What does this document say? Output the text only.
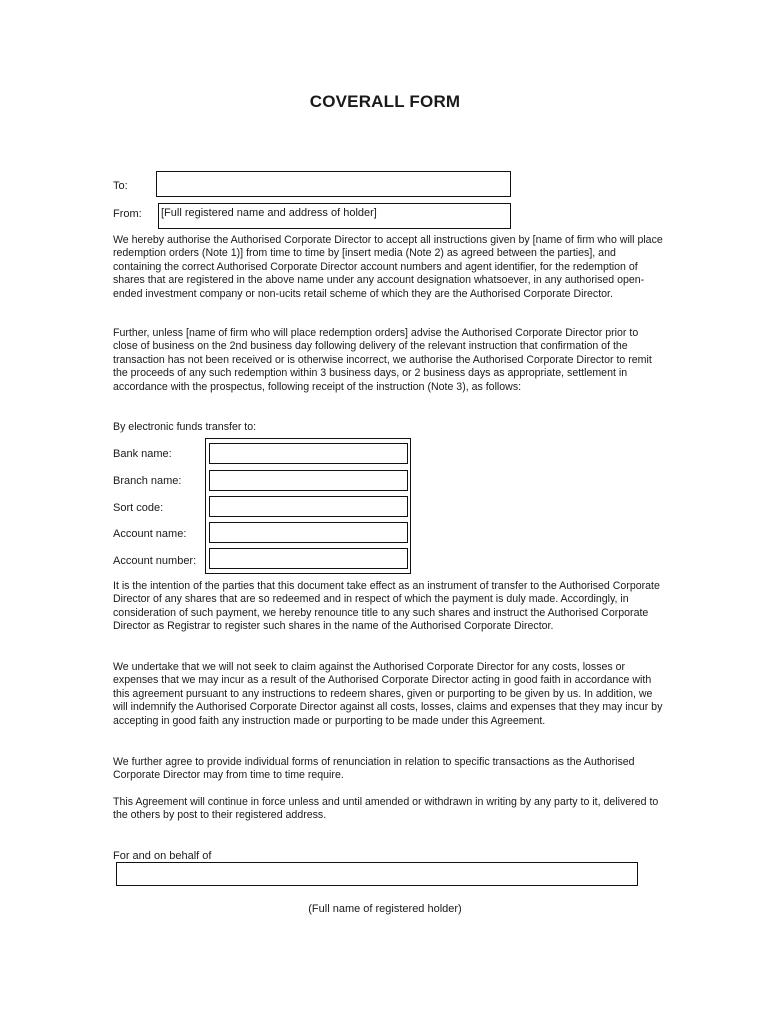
COVERALL FORM
To:
From: [Full registered name and address of holder]

We hereby authorise the Authorised Corporate Director to accept all instructions given by [name of firm who will place redemption orders (Note 1)] from time to time by [insert media (Note 2) as agreed between the parties], and containing the correct Authorised Corporate Director account numbers and agent identifier, for the redemption of shares that are registered in the above name under any account designation whatsoever, in any authorised open-ended investment company or non-ucits retail scheme of which they are the Authorised Corporate Director.

Further, unless [name of firm who will place redemption orders] advise the Authorised Corporate Director prior to close of business on the 2nd business day following delivery of the relevant instruction that confirmation of the transaction has not been received or is otherwise incorrect, we authorise the Authorised Corporate Director to remit the proceeds of any such redemption within 3 business days, or 2 business days as appropriate, settlement in accordance with the prospectus, following receipt of the instruction (Note 3), as follows:

By electronic funds transfer to:

Bank name:
Branch name:
Sort code:
Account name:
Account number:

It is the intention of the parties that this document take effect as an instrument of transfer to the Authorised Corporate Director of any shares that are so redeemed and in respect of which the payment is duly made. Accordingly, in consideration of such payment, we hereby renounce title to any such shares and instruct the Authorised Corporate Director as Registrar to register such shares in the name of the Authorised Corporate Director.

We undertake that we will not seek to claim against the Authorised Corporate Director for any costs, losses or expenses that we may incur as a result of the Authorised Corporate Director acting in good faith in accordance with this agreement pursuant to any instructions to redeem shares, given or purporting to be given by us. In addition, we will indemnify the Authorised Corporate Director against all costs, losses, claims and expenses that they may incur by accepting in good faith any instruction made or purporting to be made under this Agreement.

We further agree to provide individual forms of renunciation in relation to specific transactions as the Authorised Corporate Director may from time to time require.

This Agreement will continue in force unless and until amended or withdrawn in writing by any party to it, delivered to the others by post to their registered address.

For and on behalf of
(Full name of registered holder)
